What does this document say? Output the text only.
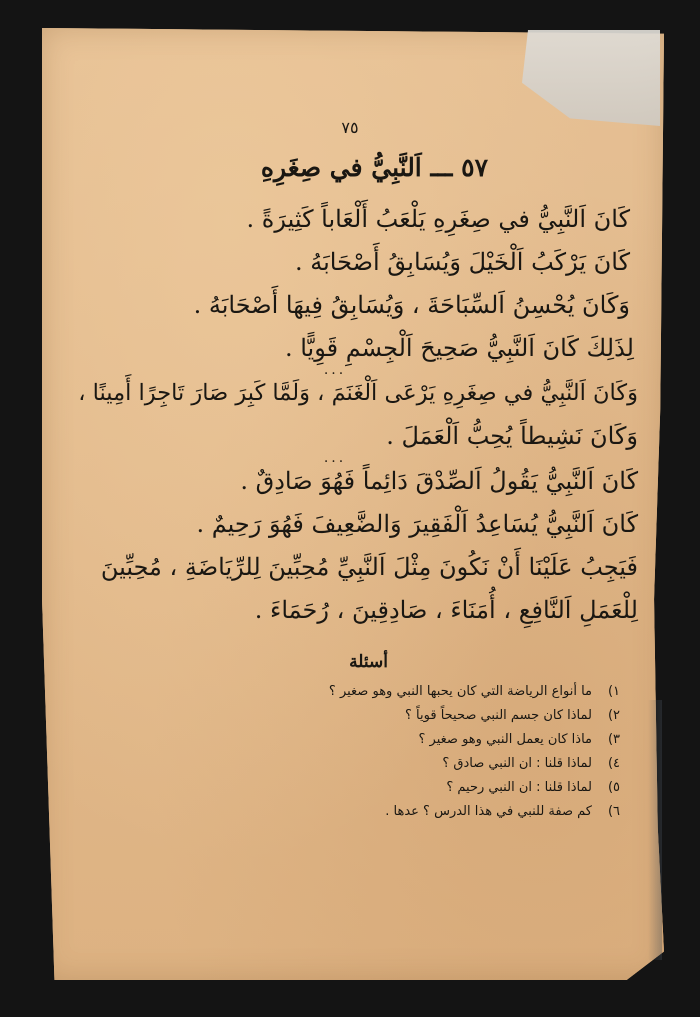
٧٥
٥٧ ـــ اَلنَّبِيُّ في صِغَرِهِ
كَانَ اَلنَّبِيُّ في صِغَرِهِ يَلْعَبُ أَلْعَاباً كَثِيرَةً .
كَانَ يَرْكَبُ اَلْخَيْلَ وَيُسَابِقُ أَصْحَابَهُ .
وَكَانَ يُحْسِنُ اَلسِّبَاحَةَ ، وَيُسَابِقُ فِيهَا أَصْحَابَهُ .
لِذَلِكَ كَانَ اَلنَّبِيُّ صَحِيحَ اَلْجِسْمِ قَوِيًّا .
...
وَكَانَ اَلنَّبِيُّ في صِغَرِهِ يَرْعَى اَلْغَنَمَ ، وَلَمَّا كَبِرَ صَارَ تَاجِرًا أَمِينًا ،
وَكَانَ نَشِيطاً يُحِبُّ اَلْعَمَلَ .
...
كَانَ اَلنَّبِيُّ يَقُولُ اَلصِّدْقَ دَائِماً فَهُوَ صَادِقٌ .
كَانَ اَلنَّبِيُّ يُسَاعِدُ اَلْفَقِيرَ وَالضَّعِيفَ فَهُوَ رَحِيمٌ .
فَيَجِبُ عَلَيْنَا أَنْ نَكُونَ مِثْلَ اَلنَّبِيِّ مُحِبِّينَ لِلرِّيَاضَةِ ، مُحِبِّينَ
لِلْعَمَلِ اَلنَّافِعِ ، أُمَنَاءَ ، صَادِقِينَ ، رُحَمَاءَ .
أسئلة
١)ما أنواع الرياضة التي كان يحبها النبي وهو صغير ؟
٢)لماذا كان جسم النبي صحيحاً قوياً ؟
٣)ماذا كان يعمل النبي وهو صغير ؟
٤)لماذا قلنا : ان النبي صادق ؟
٥)لماذا قلنا : ان النبي رحيم ؟
٦)كم صفة للنبي في هذا الدرس ؟ عدها .
